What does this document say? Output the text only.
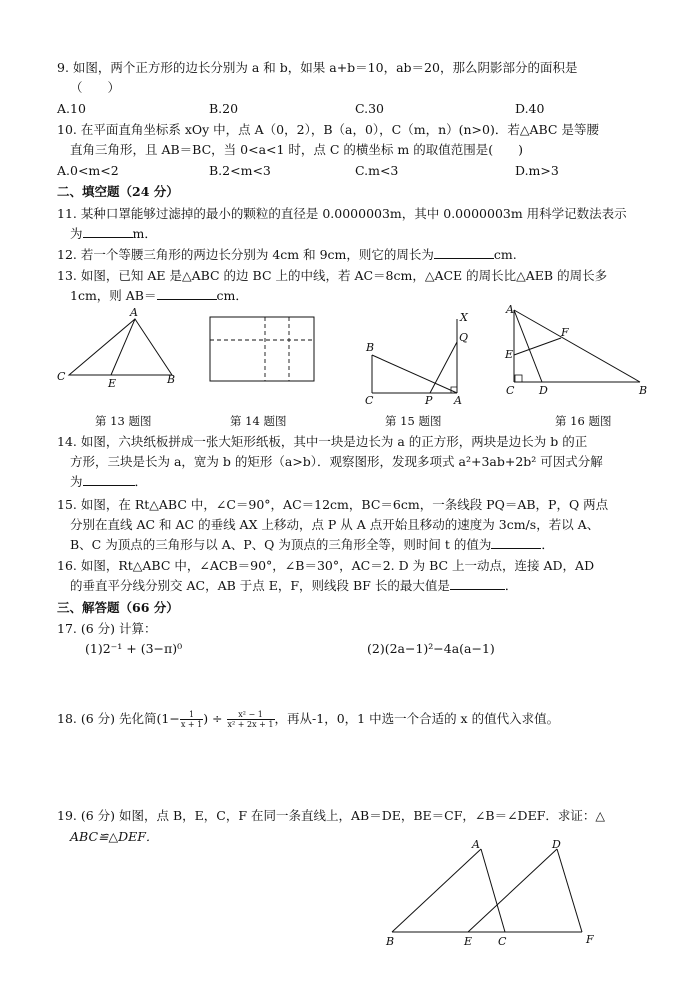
9. 如图，两个正方形的边长分别为 a 和 b，如果 a+b＝10，ab＝20，那么阴影部分的面积是
（　　）
A.10	B.20	C.30	D.40
10. 在平面直角坐标系 xOy 中，点 A（0，2），B（a，0），C（m，n）(n>0)．若△ABC 是等腰
直角三角形，且 AB＝BC，当 0<a<1 时，点 C 的横坐标 m 的取值范围是(　　)
A.0<m<2	B.2<m<3	C.m<3	D.m>3
二、填空题（24 分）
11. 某种口罩能够过滤掉的最小的颗粒的直径是 0.0000003m，其中 0.0000003m 用科学记数法表示
为	m．
12. 若一个等腰三角形的两边长分别为 4cm 和 9cm，则它的周长为	cm.
13. 如图，已知 AE 是△ABC 的边 BC 上的中线，若 AC＝8cm，△ACE 的周长比△AEB 的周长多
1cm，则 AB＝	cm．
A
C
E	B
X
Q
B
C	P A
A
F
E
C D	B
第 13 题图	第 14 题图	第 15 题图	第 16 题图
14. 如图，六块纸板拼成一张大矩形纸板，其中一块是边长为 a 的正方形，两块是边长为 b 的正
方形，三块是长为 a，宽为 b 的矩形（a>b）．观察图形，发现多项式 a²+3ab+2b² 可因式分解
为	．
15. 如图，在 Rt△ABC 中，∠C＝90°，AC＝12cm，BC＝6cm，一条线段 PQ＝AB，P，Q 两点
分别在直线 AC 和 AC 的垂线 AX 上移动，点 P 从 A 点开始且移动的速度为 3cm/s，若以 A、
B、C 为顶点的三角形与以 A、P、Q 为顶点的三角形全等，则时间 t 的值为	．
16. 如图，Rt△ABC 中，∠ACB＝90°，∠B＝30°，AC＝2. D 为 BC 上一动点，连接 AD，AD
的垂直平分线分别交 AC，AB 于点 E，F，则线段 BF 长的最大值是	．
三、解答题（66 分）
17. (6 分) 计算：
(1)2⁻¹ + (3−π)⁰	(2)(2a−1)²−4a(a−1)
18. (6 分) 先化简($1- \frac{1}{x + 1}$ ) ÷ $\frac{\text{x² − 1}}{\text{x² + 2x + 1}}$ ，再从-1，0，1 中选一个合适的 x 的值代入求值。
19. (6 分) 如图，点 B，E，C，F 在同一条直线上，AB＝DE，BE＝CF，∠B＝∠DEF．求证：△
ABC≌△DEF．
A	D
B	E C	F
